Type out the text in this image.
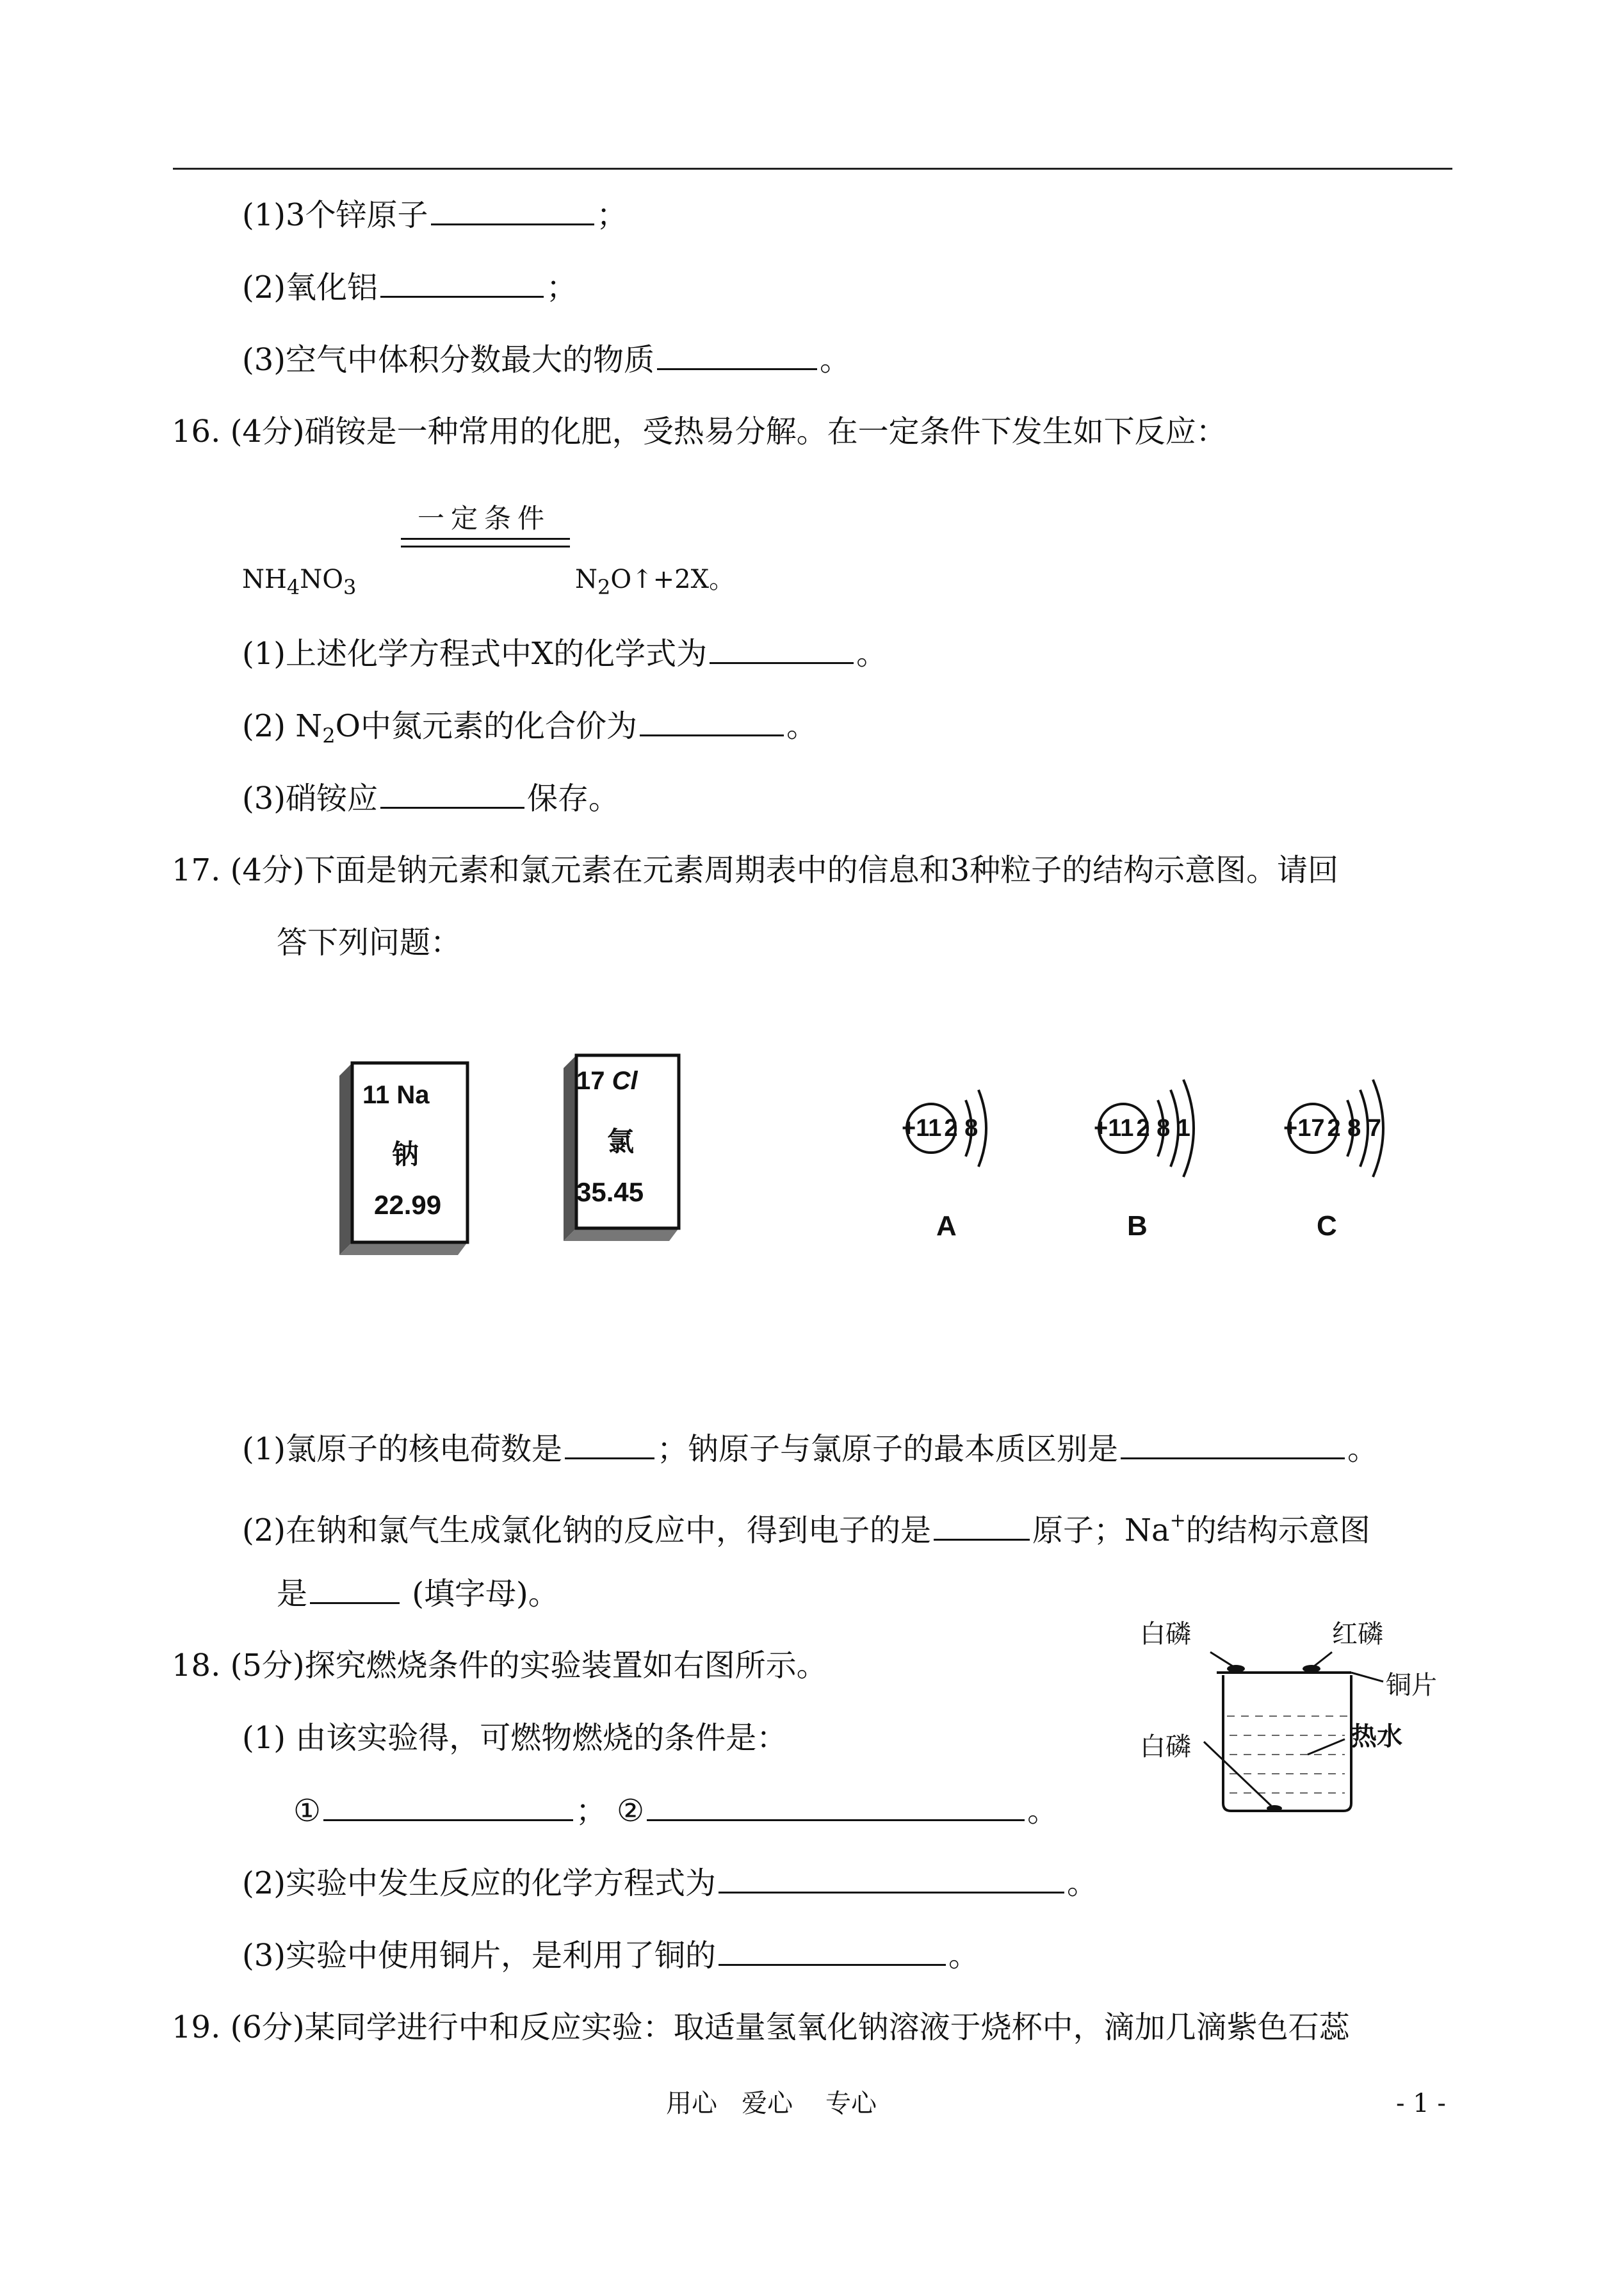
(1)3个锌原子	；
(2)氧化铝	；
(3)空气中体积分数最大的物质	。
16. (4分)硝铵是一种常用的化肥，受热易分解。在一定条件下发生如下反应：
一定条件
$NH_4NO_3$	$N_2O↑+2X$。
(1)上述化学方程式中X的化学式为	。
(2) $N_2O$中氮元素的化合价为	。
(3)硝铵应	保存。
17. (4分)下面是钠元素和氯元素在元素周期表中的信息和3种粒子的结构示意图。请回
答下列问题：
11 Na
钠
22.99
17 Cl
氯
35.45
+11 2 8	+11 2 8 1	+17 2 8 7
A	B	C
(1)氯原子的核电荷数是	；钠原子与氯原子的最本质区别是	。
(2)在钠和氯气生成氯化钠的反应中，得到电子的是	原子；Na+的结构示意图
是	(填字母)。
18. (5分)探究燃烧条件的实验装置如右图所示。
(1) 由该实验得，可燃物燃烧的条件是：
①	； ②	。
(2)实验中发生反应的化学方程式为	。
(3)实验中使用铜片，是利用了铜的	。
白磷	红磷
铜片
白磷	热水
19. (6分)某同学进行中和反应实验：取适量氢氧化钠溶液于烧杯中，滴加几滴紫色石蕊
用心   爱心    专心	- 1 -
